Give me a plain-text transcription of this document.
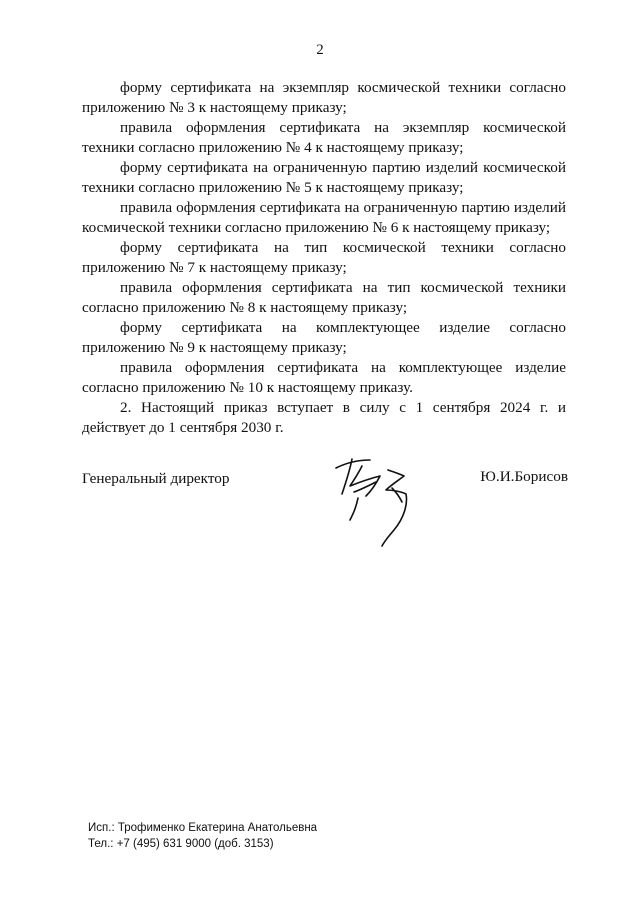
2

форму сертификата на экземпляр космической техники согласно приложению № 3 к настоящему приказу;

правила оформления сертификата на экземпляр космической техники согласно приложению № 4 к настоящему приказу;

форму сертификата на ограниченную партию изделий космической техники согласно приложению № 5 к настоящему приказу;

правила оформления сертификата на ограниченную партию изделий космической техники согласно приложению № 6 к настоящему приказу;

форму сертификата на тип космической техники согласно приложению № 7 к настоящему приказу;

правила оформления сертификата на тип космической техники согласно приложению № 8 к настоящему приказу;

форму сертификата на комплектующее изделие согласно приложению № 9 к настоящему приказу;

правила оформления сертификата на комплектующее изделие согласно приложению № 10 к настоящему приказу.

2. Настоящий приказ вступает в силу с 1 сентября 2024 г. и действует до 1 сентября 2030 г.

Генеральный директор	Ю.И.Борисов
Исп.: Трофименко Екатерина Анатольевна
Тел.: +7 (495) 631 9000 (доб. 3153)
